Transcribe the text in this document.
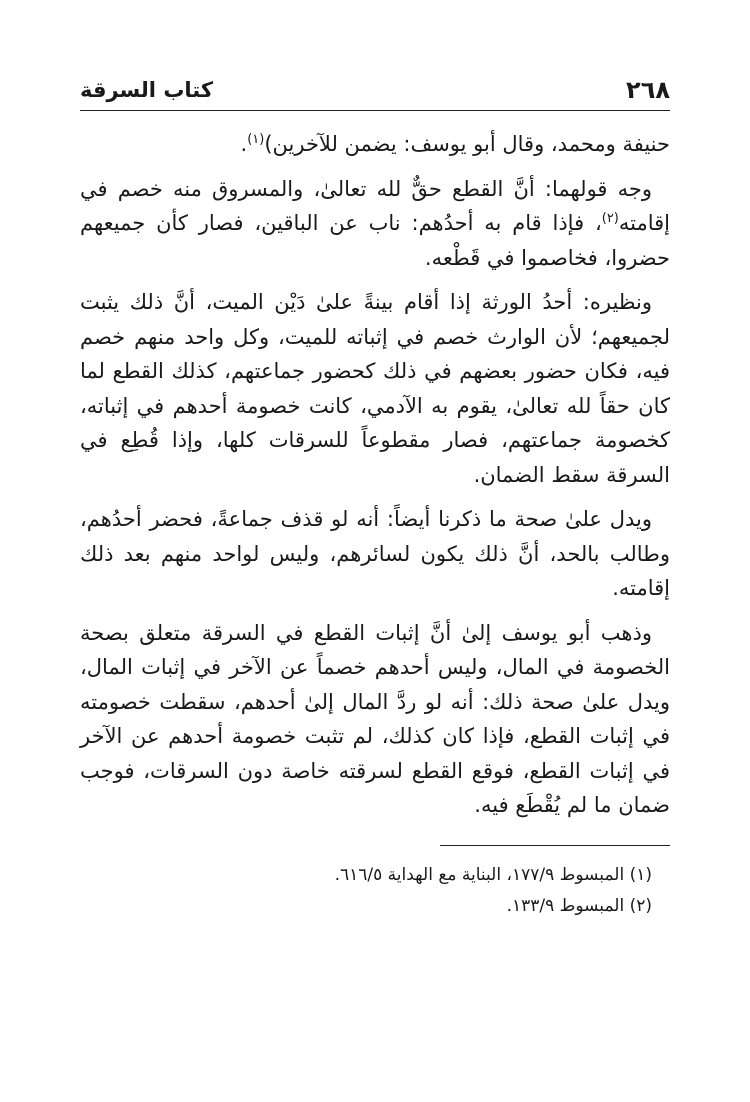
٢٦٨
كتاب السرقة

حنيفة ومحمد، وقال أبو يوسف: يضمن للآخرين)$^{(١)}$.

وجه قولهما: أنَّ القطع حقٌّ لله تعالىٰ، والمسروق منه خصم في إقامته$^{(٢)}$، فإذا قام به أحدُهم: ناب عن الباقين، فصار كأن جميعهم حضروا، فخاصموا في قَطْعه.

ونظيره: أحدُ الورثة إذا أقام بينةً علىٰ دَيْن الميت، أنَّ ذلك يثبت لجميعهم؛ لأن الوارث خصم في إثباته للميت، وكل واحد منهم خصم فيه، فكان حضور بعضهم في ذلك كحضور جماعتهم، كذلك القطع لما كان حقاً لله تعالىٰ، يقوم به الآدمي، كانت خصومة أحدهم في إثباته، كخصومة جماعتهم، فصار مقطوعاً للسرقات كلها، وإذا قُطِع في السرقة سقط الضمان.

ويدل علىٰ صحة ما ذكرنا أيضاً: أنه لو قذف جماعةً، فحضر أحدُهم، وطالب بالحد، أنَّ ذلك يكون لسائرهم، وليس لواحد منهم بعد ذلك إقامته.

وذهب أبو يوسف إلىٰ أنَّ إثبات القطع في السرقة متعلق بصحة الخصومة في المال، وليس أحدهم خصماً عن الآخر في إثبات المال، ويدل علىٰ صحة ذلك: أنه لو ردَّ المال إلىٰ أحدهم، سقطت خصومته في إثبات القطع، فإذا كان كذلك، لم تثبت خصومة أحدهم عن الآخر في إثبات القطع، فوقع القطع لسرقته خاصة دون السرقات، فوجب ضمان ما لم يُقْطَع فيه.

(١) المبسوط ١٧٧/٩، البناية مع الهداية ٦١٦/٥.
(٢) المبسوط ١٣٣/٩.
